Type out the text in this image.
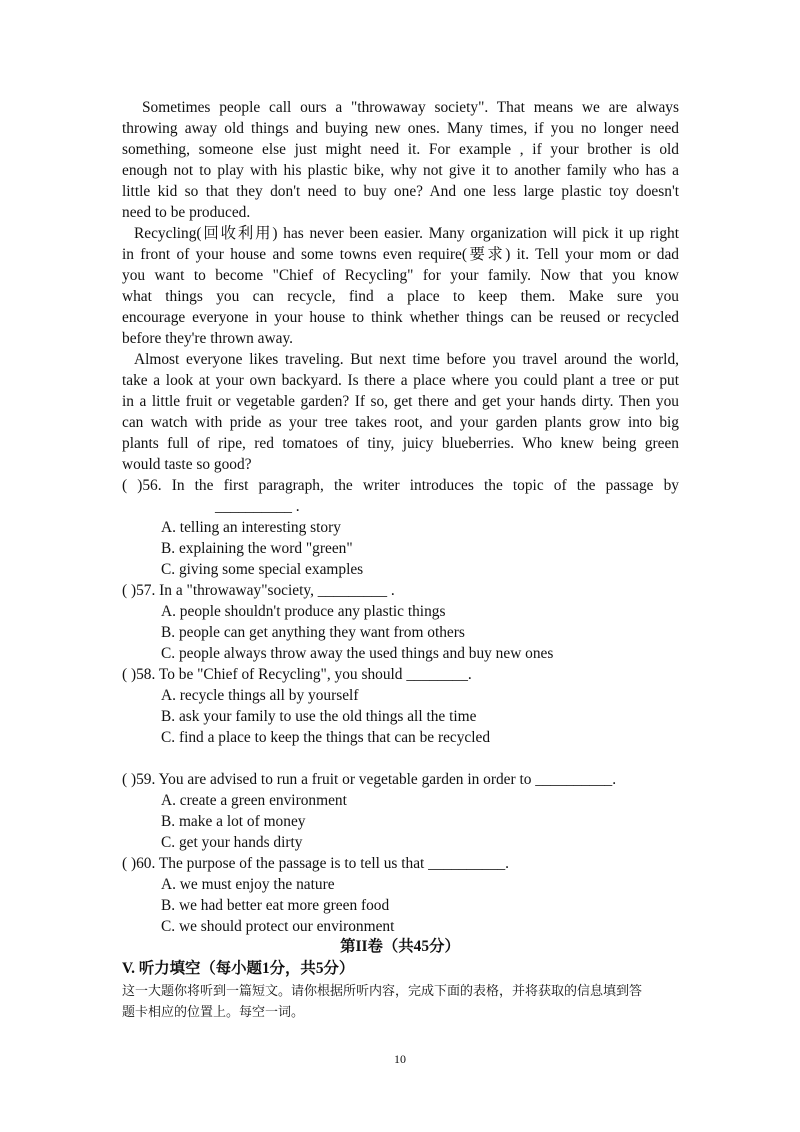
Sometimes people call ours a "throwaway society". That means we are always
throwing away old things and buying new ones. Many times, if you no longer need
something, someone else just might need it. For example , if your brother is old
enough not to play with his plastic bike, why not give it to another family who has a
little kid so that they don't need to buy one? And one less large plastic toy doesn't
need to be produced.
Recycling(回收利用) has never been easier. Many organization will pick it up right
in front of your house and some towns even require(要求) it. Tell your mom or dad
you want to become "Chief of Recycling" for your family. Now that you know
what things you can recycle, find a place to keep them. Make sure you
encourage everyone in your house to think whether things can be reused or recycled
before they're thrown away.
Almost everyone likes traveling. But next time before you travel around the world,
take a look at your own backyard. Is there a place where you could plant a tree or put
in a little fruit or vegetable garden? If so, get there and get your hands dirty. Then you
can watch with pride as your tree takes root, and your garden plants grow into big
plants full of ripe, red tomatoes of tiny, juicy blueberries. Who knew being green
would taste so good?
( )56. In the first paragraph, the writer introduces the topic of the passage by

__________ .

A. telling an interesting story

B. explaining the word "green"

C. giving some special examples

( )57. In a "throwaway"society, _________ .

A. people shouldn't produce any plastic things

B. people can get anything they want from others

C. people always throw away the used things and buy new ones

( )58. To be "Chief of Recycling", you should ________.

A. recycle things all by yourself

B. ask your family to use the old things all the time

C. find a place to keep the things that can be recycled

( )59. You are advised to run a fruit or vegetable garden in order to __________.

A. create a green environment

B. make a lot of money

C. get your hands dirty

( )60. The purpose of the passage is to tell us that __________.

A. we must enjoy the nature

B. we had better eat more green food

C. we should protect our environment

第II卷（共45分）

V. 听力填空（每小题1分，共5分）

这一大题你将听到一篇短文。请你根据所听内容，完成下面的表格，并将获取的信息填到答

题卡相应的位置上。每空一词。

10
